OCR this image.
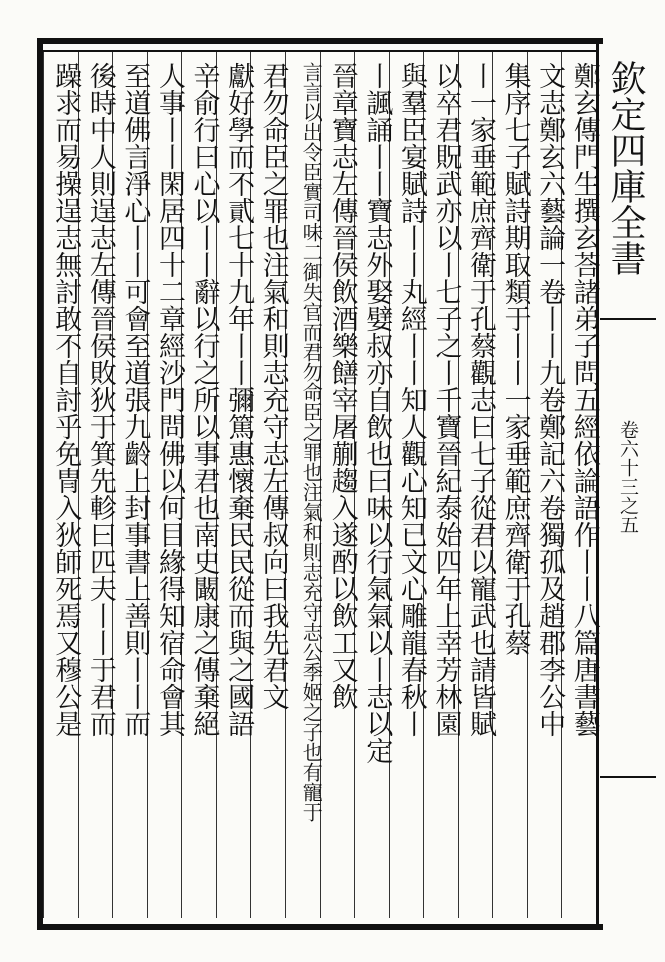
欽定四庫全書
卷六十三之五
鄭玄傳門生撰玄荅諸弟子問五經依論語作丨丨八篇唐書藝
文志鄭玄六藝論一卷丨丨九卷鄭記六卷獨孤及趙郡李公中
集序七子賦詩期取類于丨丨一家垂範庶齊衛于孔蔡
丨一家垂範庶齊衛于孔蔡觀志曰七子從君以寵武也請皆賦
以卒君貺武亦以丨七子之丨千寶晉紀泰始四年上幸芳林園
與羣臣宴賦詩丨丨丸經丨丨知人觀心知已文心雕龍春秋丨
丨諷誦丨丨寶志外娶嬖叔亦自飲也曰味以行氣氣以丨志以定
晉章寶志左傳晉侯飲酒樂饍宰屠蒯趨入遂酌以飲工又飲
言言以出令臣實司味二御失官而君勿命臣之罪也注氣和則志充守志公季姬之子也有寵于
君勿命臣之罪也注氣和則志充守志左傳叔向曰我先君文
獻好學而不貳七十九年丨丨彌篤惠懷棄民民從而與之國語
辛俞行曰心以丨丨辭以行之所以事君也南史闞康之傳棄絕
人事丨丨閑居四十二章經沙門問佛以何目緣得知宿命會其
至道佛言淨心丨丨可會至道張九齡上封事書上善則丨丨而
後時中人則逞志左傳晉侯敗狄于箕先軫曰匹夫丨丨于君而
躁求而易操逞志無討敢不自討乎免冑入狄師死焉又穆公是
